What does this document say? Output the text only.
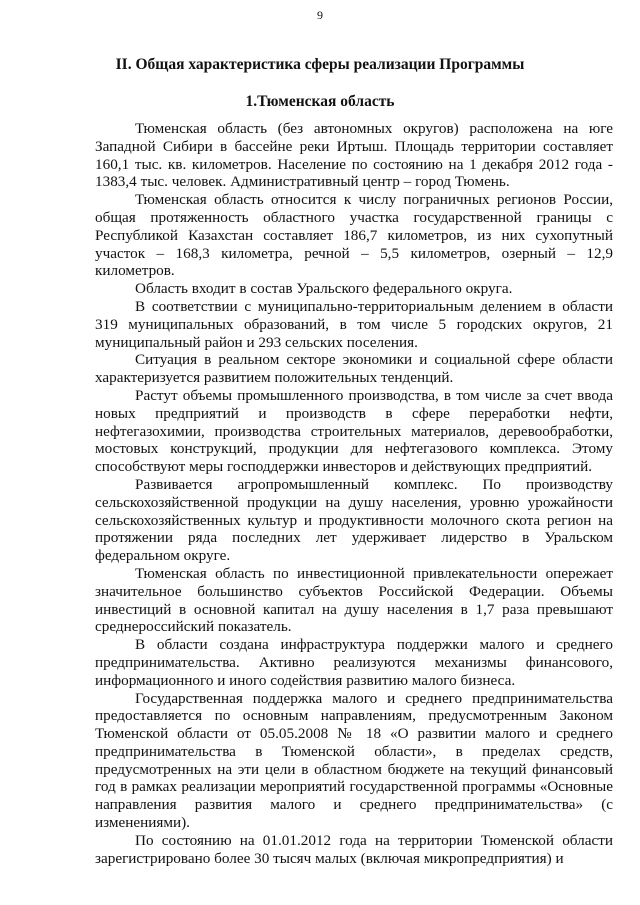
9
II. Общая характеристика сферы реализации Программы
1.Тюменская область

Тюменская область (без автономных округов) расположена на юге Западной Сибири в бассейне реки Иртыш. Площадь территории составляет 160,1 тыс. кв. километров. Население по состоянию на 1 декабря 2012 года - 1383,4 тыс. человек. Административный центр – город Тюмень.

Тюменская область относится к числу пограничных регионов России, общая протяженность областного участка государственной границы с Республикой Казахстан составляет 186,7 километров, из них сухопутный участок – 168,3 километра, речной – 5,5 километров, озерный – 12,9 километров.

Область входит в состав Уральского федерального округа.

В соответствии с муниципально-территориальным делением в области 319 муниципальных образований, в том числе 5 городских округов, 21 муниципальный район и 293 сельских поселения.

Ситуация в реальном секторе экономики и социальной сфере области характеризуется развитием положительных тенденций.

Растут объемы промышленного производства, в том числе за счет ввода новых предприятий и производств в сфере переработки нефти, нефтегазохимии, производства строительных материалов, деревообработки, мостовых конструкций, продукции для нефтегазового комплекса. Этому способствуют меры господдержки инвесторов и действующих предприятий.

Развивается агропромышленный комплекс. По производству сельскохозяйственной продукции на душу населения, уровню урожайности сельскохозяйственных культур и продуктивности молочного скота регион на протяжении ряда последних лет удерживает лидерство в Уральском федеральном округе.

Тюменская область по инвестиционной привлекательности опережает значительное большинство субъектов Российской Федерации. Объемы инвестиций в основной капитал на душу населения в 1,7 раза превышают среднероссийский показатель.

В области создана инфраструктура поддержки малого и среднего предпринимательства. Активно реализуются механизмы финансового, информационного и иного содействия развитию малого бизнеса.

Государственная поддержка малого и среднего предпринимательства предоставляется по основным направлениям, предусмотренным Законом Тюменской области от 05.05.2008 № 18 «О развитии малого и среднего предпринимательства в Тюменской области», в пределах средств, предусмотренных на эти цели в областном бюджете на текущий финансовый год в рамках реализации мероприятий государственной программы «Основные направления развития малого и среднего предпринимательства» (с изменениями).

По состоянию на 01.01.2012 года на территории Тюменской области зарегистрировано более 30 тысяч малых (включая микропредприятия) и
